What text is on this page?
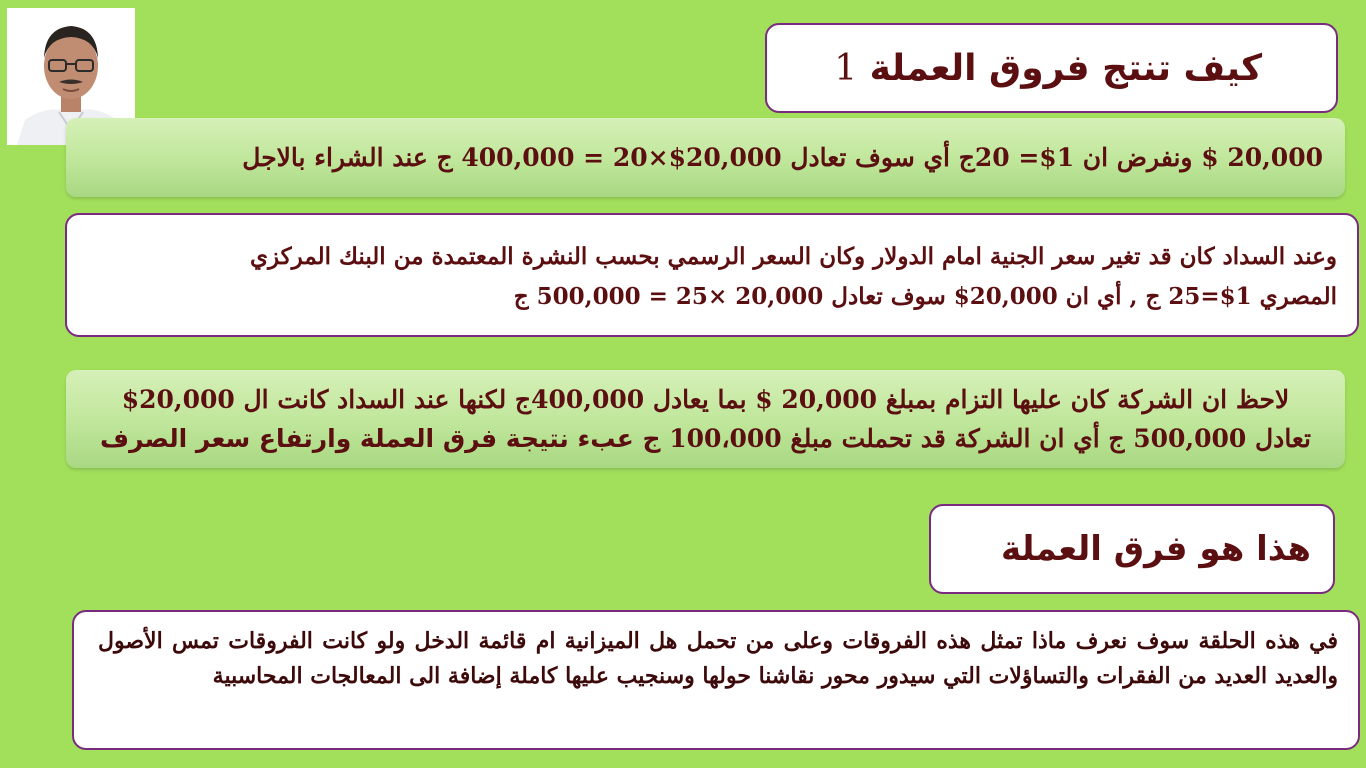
كيف تنتج فروق العملة 1
20,000 $ ونفرض ان 1$= 20ج أي سوف تعادل 20,000$×20 = 400,000 ج عند الشراء بالاجل
وعند السداد كان قد تغير سعر الجنية امام الدولار وكان السعر الرسمي بحسب النشرة المعتمدة من البنك المركزي
المصري 1$=25 ج , أي ان 20,000$ سوف تعادل 20,000 ×25 = 500,000 ج
لاحظ ان الشركة كان عليها التزام بمبلغ 20,000 $ بما يعادل 400,000ج لكنها عند السداد كانت ال 20,000$
تعادل 500,000 ج أي ان الشركة قد تحملت مبلغ 100،000 ج عبء نتيجة فرق العملة وارتفاع سعر الصرف
هذا هو فرق العملة
في هذه الحلقة سوف نعرف ماذا تمثل هذه الفروقات وعلى من تحمل هل الميزانية ام قائمة الدخل ولو كانت الفروقات تمس الأصول والعديد العديد من الفقرات والتساؤلات التي سيدور محور نقاشنا حولها وسنجيب عليها كاملة إضافة الى المعالجات المحاسبية
